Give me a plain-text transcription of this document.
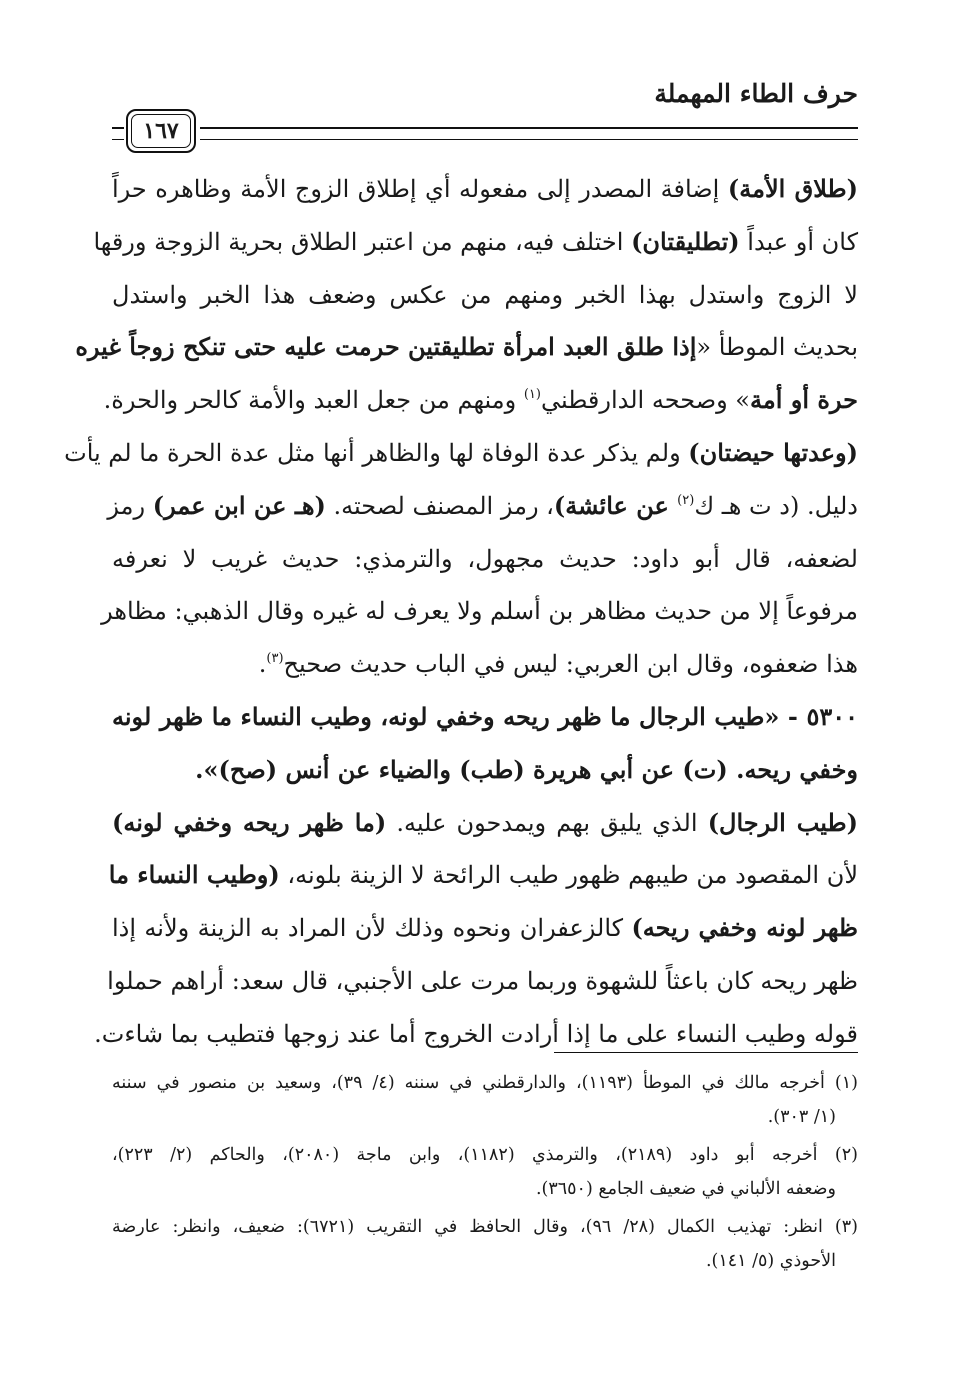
حرف الطاء المهملة
١٦٧
(طلاق الأمة) إضافة المصدر إلى مفعوله أي إطلاق الزوج الأمة وظاهره حراً
كان أو عبداً (تطليقتان) اختلف فيه، منهم من اعتبر الطلاق بحرية الزوجة ورقها
لا الزوج واستدل بهذا الخبر ومنهم من عكس وضعف هذا الخبر واستدل
بحديث الموطأ «إذا طلق العبد امرأة تطليقتين حرمت عليه حتى تنكح زوجاً غيره
حرة أو أمة» وصححه الدارقطني$^{(١)}$ ومنهم من جعل العبد والأمة كالحر والحرة.
(وعدتها حيضتان) ولم يذكر عدة الوفاة لها والظاهر أنها مثل عدة الحرة ما لم يأت
دليل. (د ت هـ ك$^{(٢)}$ عن عائشة)، رمز المصنف لصحته. (هـ عن ابن عمر) رمز
لضعفه، قال أبو داود: حديث مجهول، والترمذي: حديث غريب لا نعرفه
مرفوعاً إلا من حديث مظاهر بن أسلم ولا يعرف له غيره وقال الذهبي: مظاهر
هذا ضعفوه، وقال ابن العربي: ليس في الباب حديث صحيح$^{(٣)}$.
٥٣٠٠ - «طيب الرجال ما ظهر ريحه وخفي لونه، وطيب النساء ما ظهر لونه
وخفي ريحه. (ت) عن أبي هريرة (طب) والضياء عن أنس (صح)».
(طيب الرجال) الذي يليق بهم ويمدحون عليه. (ما ظهر ريحه وخفي لونه)
لأن المقصود من طيبهم ظهور طيب الرائحة لا الزينة بلونه، (وطيب النساء ما
ظهر لونه وخفي ريحه) كالزعفران ونحوه وذلك لأن المراد به الزينة ولأنه إذا
ظهر ريحه كان باعثاً للشهوة وربما مرت على الأجنبي، قال سعد: أراهم حملوا
قوله وطيب النساء على ما إذا أرادت الخروج أما عند زوجها فتطيب بما شاءت.
(١) أخرجه مالك في الموطأ (١١٩٣)، والدارقطني في سننه (٤/ ٣٩)، وسعيد بن منصور في سننه
(١/ ٣٠٣).
(٢) أخرجه أبو داود (٢١٨٩)، والترمذي (١١٨٢)، وابن ماجة (٢٠٨٠)، والحاكم (٢/ ٢٢٣)،
وضعفه الألباني في ضعيف الجامع (٣٦٥٠).
(٣) انظر: تهذيب الكمال (٢٨/ ٩٦)، وقال الحافظ في التقريب (٦٧٢١): ضعيف، وانظر: عارضة
الأحوذي (٥/ ١٤١).
